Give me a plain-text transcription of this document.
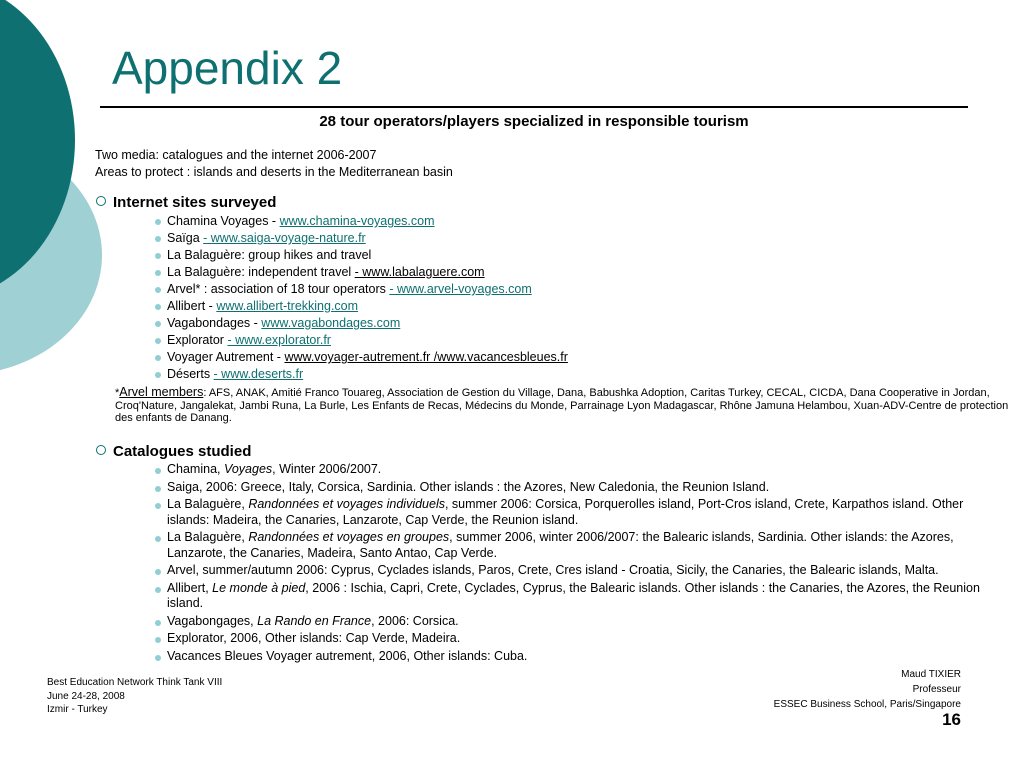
Appendix 2
28 tour operators/players specialized in responsible tourism
Two media: catalogues and the internet 2006-2007
Areas to protect : islands and deserts in the Mediterranean basin
Internet sites surveyed
Chamina Voyages - www.chamina-voyages.com
Saïga - www.saiga-voyage-nature.fr
La Balaguère: group hikes and travel
La Balaguère: independent travel - www.labalaguere.com
Arvel* : association of 18 tour operators - www.arvel-voyages.com
Allibert - www.allibert-trekking.com
Vagabondages - www.vagabondages.com
Explorator - www.explorator.fr
Voyager Autrement - www.voyager-autrement.fr /www.vacancesbleues.fr
Déserts - www.deserts.fr
*Arvel members: AFS, ANAK, Amitié Franco Touareg, Association de Gestion du Village, Dana, Babushka Adoption, Caritas Turkey, CECAL, CICDA, Dana Cooperative in Jordan, Croq'Nature, Jangalekat, Jambi Runa, La Burle, Les Enfants de Recas, Médecins du Monde, Parrainage Lyon Madagascar, Rhône Jamuna Helambou, Xuan-ADV-Centre de protection des enfants de Danang.
Catalogues studied
Chamina, Voyages, Winter 2006/2007.
Saiga, 2006: Greece, Italy, Corsica, Sardinia. Other islands : the Azores, New Caledonia, the Reunion Island.
La Balaguère, Randonnées et voyages individuels, summer 2006: Corsica, Porquerolles island, Port-Cros island, Crete, Karpathos island. Other islands: Madeira, the Canaries, Lanzarote, Cap Verde, the Reunion island.
La Balaguère, Randonnées et voyages en groupes, summer 2006, winter 2006/2007: the Balearic islands, Sardinia. Other islands: the Azores, Lanzarote, the Canaries, Madeira, Santo Antao, Cap Verde.
Arvel, summer/autumn 2006: Cyprus, Cyclades islands, Paros, Crete, Cres island - Croatia, Sicily, the Canaries, the Balearic islands, Malta.
Allibert, Le monde à pied, 2006 : Ischia, Capri, Crete, Cyclades, Cyprus, the Balearic islands. Other islands : the Canaries, the Azores, the Reunion island.
Vagabongages, La Rando en France, 2006: Corsica.
Explorator, 2006, Other islands: Cap Verde, Madeira.
Vacances Bleues Voyager autrement, 2006, Other islands: Cuba.
Best Education Network Think Tank VIII
June 24-28, 2008
Izmir - Turkey
Maud TIXIER
Professeur
ESSEC Business School, Paris/Singapore
16
